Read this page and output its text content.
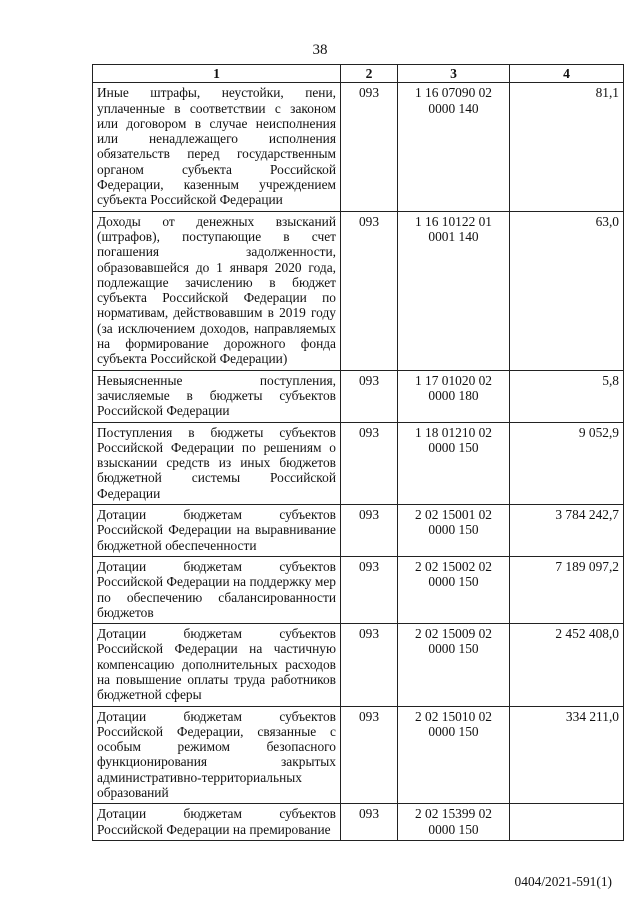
38
1	2	3	4
Иные штрафы, неустойки, пени, уплаченные в соответствии с законом или договором в случае неисполнения или ненадлежащего исполнения обязательств перед государственным органом субъекта Российской Федерации, казенным учреждением субъекта Российской Федерации	093	1 16 07090 02 0000 140	81,1
Доходы от денежных взысканий (штрафов), поступающие в счет погашения задолженности, образовавшейся до 1 января 2020 года, подлежащие зачислению в бюджет субъекта Российской Федерации по нормативам, действовавшим в 2019 году (за исключением доходов, направляемых на формирование дорожного фонда субъекта Российской Федерации)	093	1 16 10122 01 0001 140	63,0
Невыясненные поступления, зачисляемые в бюджеты субъектов Российской Федерации	093	1 17 01020 02 0000 180	5,8
Поступления в бюджеты субъектов Российской Федерации по решениям о взыскании средств из иных бюджетов бюджетной системы Российской Федерации	093	1 18 01210 02 0000 150	9 052,9
Дотации бюджетам субъектов Российской Федерации на выравнивание бюджетной обеспеченности	093	2 02 15001 02 0000 150	3 784 242,7
Дотации бюджетам субъектов Российской Федерации на поддержку мер по обеспечению сбалансированности бюджетов	093	2 02 15002 02 0000 150	7 189 097,2
Дотации бюджетам субъектов Российской Федерации на частичную компенсацию дополнительных расходов на повышение оплаты труда работников бюджетной сферы	093	2 02 15009 02 0000 150	2 452 408,0
Дотации бюджетам субъектов Российской Федерации, связанные с особым режимом безопасного функционирования закрытых административно-территориальных образований	093	2 02 15010 02 0000 150	334 211,0
Дотации бюджетам субъектов Российской Федерации на премирование	093	2 02 15399 02 0000 150	
0404/2021-591(1)
